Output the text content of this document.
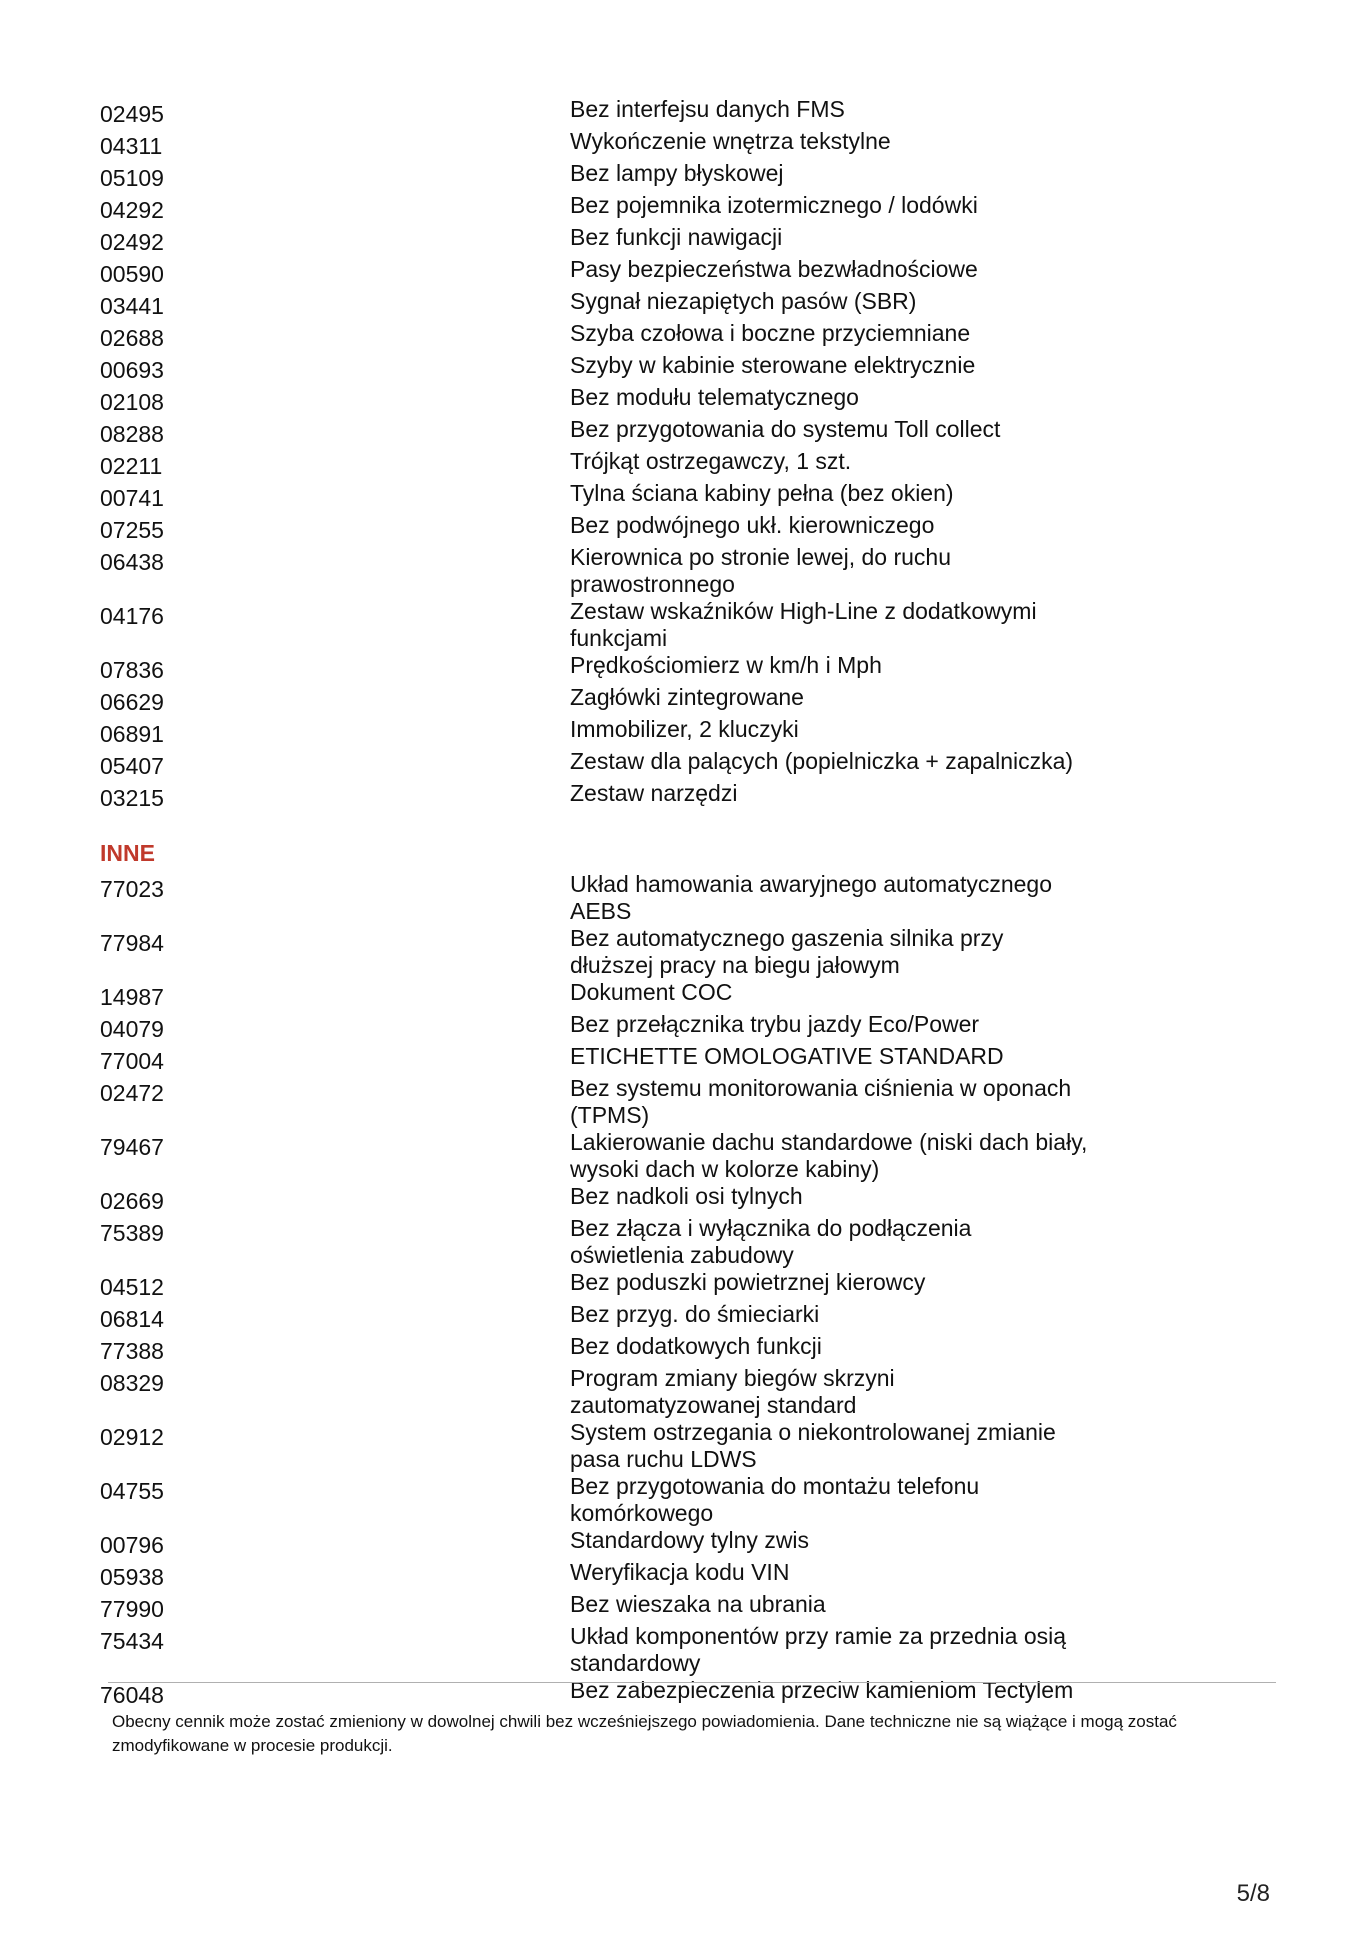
02495	Bez interfejsu danych FMS
04311	Wykończenie wnętrza tekstylne
05109	Bez lampy błyskowej
04292	Bez pojemnika izotermicznego / lodówki
02492	Bez funkcji nawigacji
00590	Pasy bezpieczeństwa bezwładnościowe
03441	Sygnał niezapiętych pasów (SBR)
02688	Szyba czołowa i boczne przyciemniane
00693	Szyby w kabinie sterowane elektrycznie
02108	Bez modułu telematycznego
08288	Bez przygotowania do systemu Toll collect
02211	Trójkąt ostrzegawczy, 1 szt.
00741	Tylna ściana kabiny pełna (bez okien)
07255	Bez podwójnego ukł. kierowniczego
06438	Kierownica po stronie lewej, do ruchu prawostronnego
04176	Zestaw wskaźników High-Line z dodatkowymi funkcjami
07836	Prędkościomierz w km/h i Mph
06629	Zagłówki zintegrowane
06891	Immobilizer, 2 kluczyki
05407	Zestaw dla palących (popielniczka + zapalniczka)
03215	Zestaw narzędzi
INNE
77023	Układ hamowania awaryjnego automatycznego AEBS
77984	Bez automatycznego gaszenia silnika przy dłuższej pracy na biegu jałowym
14987	Dokument COC
04079	Bez przełącznika trybu jazdy Eco/Power
77004	ETICHETTE OMOLOGATIVE STANDARD
02472	Bez systemu monitorowania ciśnienia w oponach (TPMS)
79467	Lakierowanie dachu standardowe (niski dach biały, wysoki dach w kolorze kabiny)
02669	Bez nadkoli osi tylnych
75389	Bez złącza i wyłącznika do podłączenia oświetlenia zabudowy
04512	Bez poduszki powietrznej kierowcy
06814	Bez przyg. do śmieciarki
77388	Bez dodatkowych funkcji
08329	Program zmiany biegów skrzyni zautomatyzowanej standard
02912	System ostrzegania o niekontrolowanej zmianie pasa ruchu LDWS
04755	Bez przygotowania do montażu telefonu komórkowego
00796	Standardowy tylny zwis
05938	Weryfikacja kodu VIN
77990	Bez wieszaka na ubrania
75434	Układ komponentów przy ramie za przednia osią standardowy
76048	Bez zabezpieczenia przeciw kamieniom Tectylem
Obecny cennik może zostać zmieniony w dowolnej chwili bez wcześniejszego powiadomienia. Dane techniczne nie są wiążące i mogą zostać zmodyfikowane w procesie produkcji.
5/8
